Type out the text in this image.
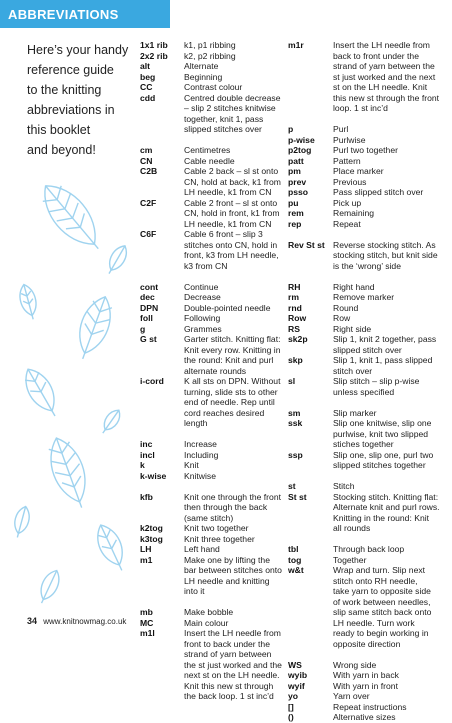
ABBREVIATIONS
Here’s your handy
reference guide
to the knitting
abbreviations in
this booklet
and beyond!
1x1 rib	k1, p1 ribbing
2x2 rib	k2, p2 ribbing
alt	Alternate
beg	Beginning
CC	Contrast colour
cdd	Centred double decrease
– slip 2 stitches knitwise
together, knit 1, pass
slipped stitches over
cm	Centimetres
CN	Cable needle
C2B	Cable 2 back – sl st onto
CN, hold at back, k1 from
LH needle, k1 from CN
C2F	Cable 2 front – sl st onto
CN, hold in front, k1 from
LH needle, k1 from CN
C6F	Cable 6 front – slip 3
stitches onto CN, hold in
front, k3 from LH needle,
k3 from CN
cont	Continue
dec	Decrease
DPN	Double-pointed needle
foll	Following
g	Grammes
G st	Garter stitch. Knitting flat:
Knit every row. Knitting in
the round: Knit and purl
alternate rounds
i-cord	K all sts on DPN. Without
turning, slide sts to other
end of needle. Rep until
cord reaches desired
length
inc	Increase
incl	Including
k	Knit
k-wise	Knitwise
kfb	Knit one through the front
then through the back
(same stitch)
k2tog	Knit two together
k3tog	Knit three together
LH	Left hand
m1	Make one by lifting the
bar between stitches onto
LH needle and knitting
into it
mb	Make bobble
MC	Main colour
m1l	Insert the LH needle from
front to back under the
strand of yarn between
the st just worked and the
next st on the LH needle.
Knit this new st through
the back loop. 1 st inc’d
m1r	Insert the LH needle from
back to front under the
strand of yarn between the
st just worked and the next
st on the LH needle. Knit
this new st through the front
loop. 1 st inc’d
p	Purl
p-wise	Purlwise
p2tog	Purl two together
patt	Pattern
pm	Place marker
prev	Previous
psso	Pass slipped stitch over
pu	Pick up
rem	Remaining
rep	Repeat
Rev St st Reverse stocking stitch. As
stocking stitch, but knit side
is the ‘wrong’ side
RH	Right hand
rm	Remove marker
rnd	Round
Row	Row
RS	Right side
sk2p	Slip 1, knit 2 together, pass
slipped stitch over
skp	Slip 1, knit 1, pass slipped
stitch over
sl	Slip stitch – slip p-wise
unless specified
sm	Slip marker
ssk	Slip one knitwise, slip one
purlwise, knit two slipped
stiches together
ssp	Slip one, slip one, purl two
slipped stitches together
st	Stitch
St st	Stocking stitch. Knitting flat:
Alternate knit and purl rows.
Knitting in the round: Knit
all rounds
tbl	Through back loop
tog	Together
w&t	Wrap and turn. Slip next
stitch onto RH needle,
take yarn to opposite side
of work between needles,
slip same stitch back onto
LH needle. Turn work
ready to begin working in
opposite direction
WS	Wrong side
wyib	With yarn in back
wyif	With yarn in front
yo	Yarn over
[]	Repeat instructions
()	Alternative sizes
34 www.knitnowmag.co.uk
